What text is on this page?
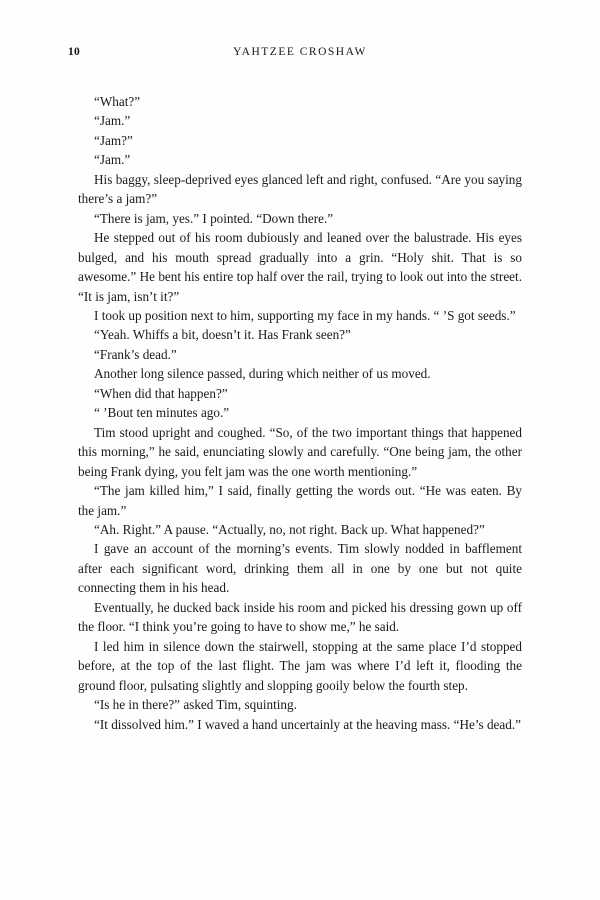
10	YAHTZEE CROSHAW

“What?”

“Jam.”

“Jam?”

“Jam.”

His baggy, sleep-deprived eyes glanced left and right, confused. “Are you saying there’s a jam?”

“There is jam, yes.” I pointed. “Down there.”

He stepped out of his room dubiously and leaned over the balustrade. His eyes bulged, and his mouth spread gradually into a grin. “Holy shit. That is so awesome.” He bent his entire top half over the rail, trying to look out into the street. “It is jam, isn’t it?”

I took up position next to him, supporting my face in my hands. “ ’S got seeds.”

“Yeah. Whiffs a bit, doesn’t it. Has Frank seen?”

“Frank’s dead.”

Another long silence passed, during which neither of us moved.

“When did that happen?”

“ ’Bout ten minutes ago.”

Tim stood upright and coughed. “So, of the two important things that happened this morning,” he said, enunciating slowly and carefully. “One being jam, the other being Frank dying, you felt jam was the one worth mentioning.”

“The jam killed him,” I said, finally getting the words out. “He was eaten. By the jam.”

“Ah. Right.” A pause. “Actually, no, not right. Back up. What happened?”

I gave an account of the morning’s events. Tim slowly nodded in bafflement after each significant word, drinking them all in one by one but not quite connecting them in his head.

Eventually, he ducked back inside his room and picked his dressing gown up off the floor. “I think you’re going to have to show me,” he said.

I led him in silence down the stairwell, stopping at the same place I’d stopped before, at the top of the last flight. The jam was where I’d left it, flooding the ground floor, pulsating slightly and slopping gooily below the fourth step.

“Is he in there?” asked Tim, squinting.

“It dissolved him.” I waved a hand uncertainly at the heaving mass. “He’s dead.”
